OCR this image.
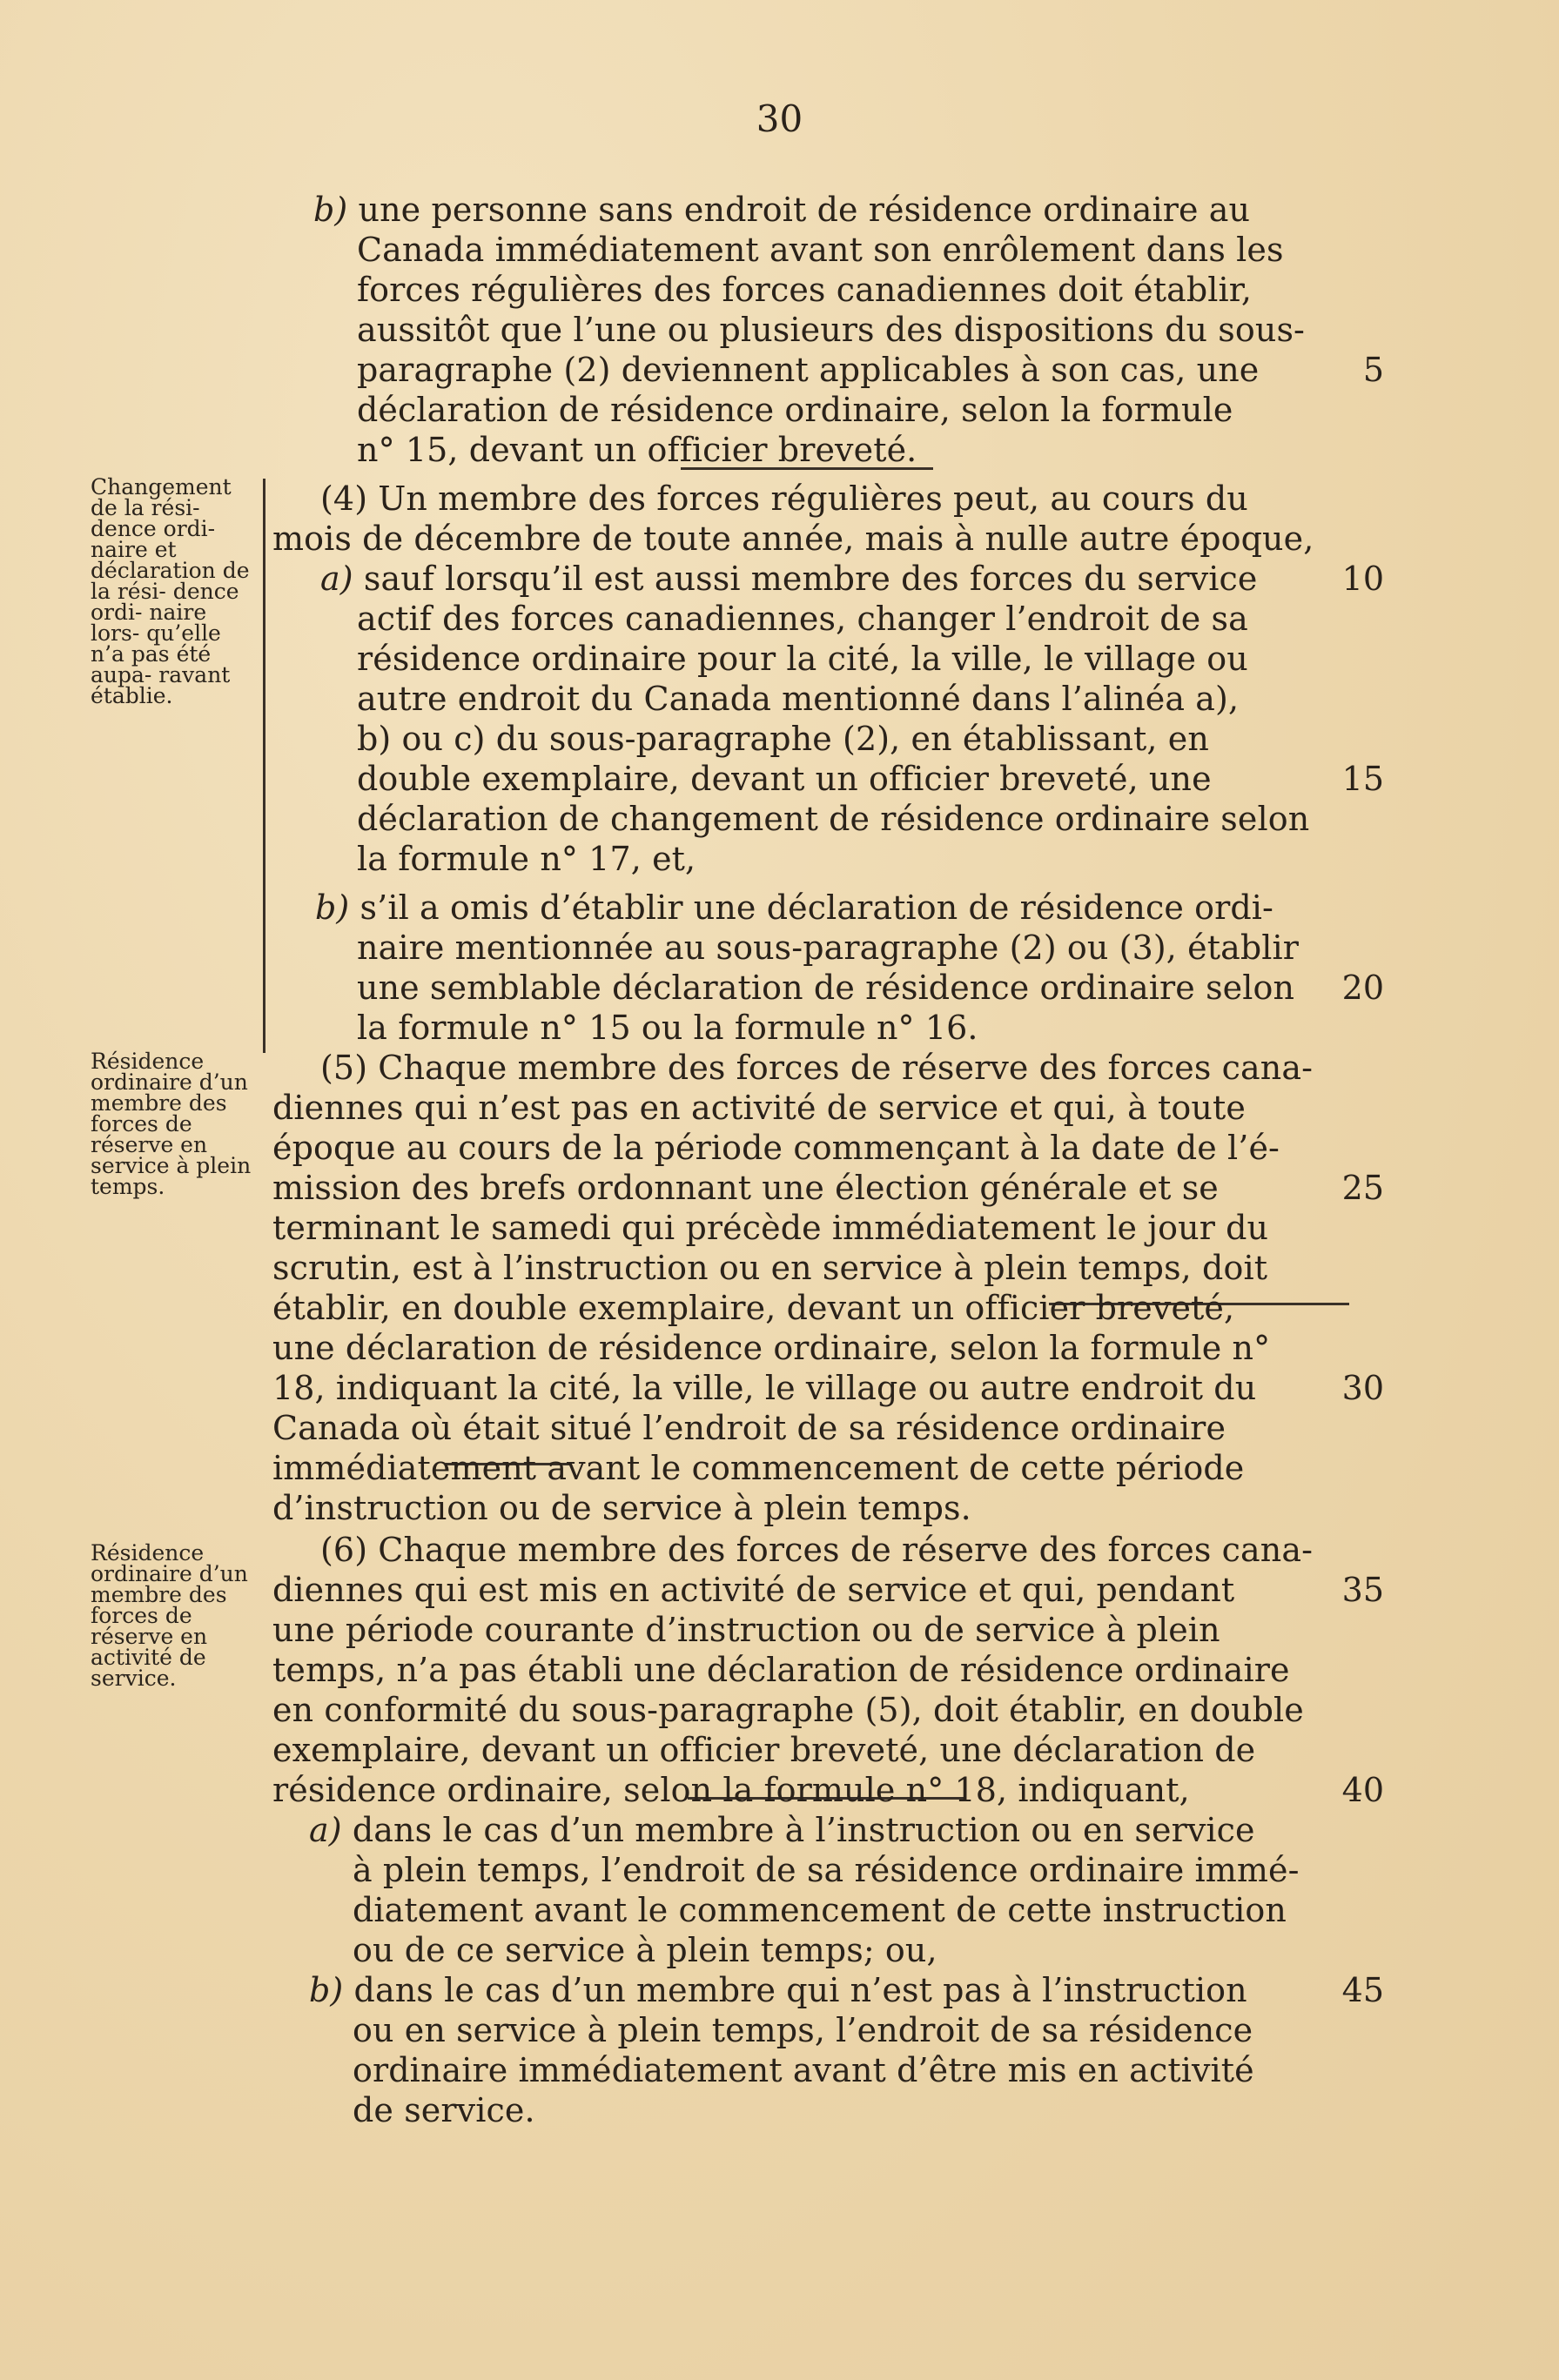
30
Changement de la rési- dence ordi- naire et déclaration de la rési- dence ordi- naire lors- qu’elle n’a pas été aupa- ravant établie.
Résidence ordinaire d’un membre des forces de réserve en service à plein temps.
Résidence ordinaire d’un membre des forces de réserve en activité de service.
b) une personne sans endroit de résidence ordinaire au
Canada immédiatement avant son enrôlement dans les
forces régulières des forces canadiennes doit établir,
aussitôt que l’une ou plusieurs des dispositions du sous-
paragraphe (2) deviennent applicables à son cas, une
déclaration de résidence ordinaire, selon la formule
n° 15, devant un officier breveté.
(4) Un membre des forces régulières peut, au cours du
mois de décembre de toute année, mais à nulle autre époque,
a) sauf lorsqu’il est aussi membre des forces du service
actif des forces canadiennes, changer l’endroit de sa
résidence ordinaire pour la cité, la ville, le village ou
autre endroit du Canada mentionné dans l’alinéa a),
b) ou c) du sous-paragraphe (2), en établissant, en
double exemplaire, devant un officier breveté, une
déclaration de changement de résidence ordinaire selon
la formule n° 17, et,
b) s’il a omis d’établir une déclaration de résidence ordi-
naire mentionnée au sous-paragraphe (2) ou (3), établir
une semblable déclaration de résidence ordinaire selon
la formule n° 15 ou la formule n° 16.
(5) Chaque membre des forces de réserve des forces cana-
diennes qui n’est pas en activité de service et qui, à toute
époque au cours de la période commençant à la date de l’é-
mission des brefs ordonnant une élection générale et se
terminant le samedi qui précède immédiatement le jour du
scrutin, est à l’instruction ou en service à plein temps, doit
établir, en double exemplaire, devant un officier breveté,
une déclaration de résidence ordinaire, selon la formule n°
18, indiquant la cité, la ville, le village ou autre endroit du
Canada où était situé l’endroit de sa résidence ordinaire
immédiatement avant le commencement de cette période
d’instruction ou de service à plein temps.
(6) Chaque membre des forces de réserve des forces cana-
diennes qui est mis en activité de service et qui, pendant
une période courante d’instruction ou de service à plein
temps, n’a pas établi une déclaration de résidence ordinaire
en conformité du sous-paragraphe (5), doit établir, en double
exemplaire, devant un officier breveté, une déclaration de
résidence ordinaire, selon la formule n° 18, indiquant,
a) dans le cas d’un membre à l’instruction ou en service
à plein temps, l’endroit de sa résidence ordinaire immé-
diatement avant le commencement de cette instruction
ou de ce service à plein temps; ou,
b) dans le cas d’un membre qui n’est pas à l’instruction
ou en service à plein temps, l’endroit de sa résidence
ordinaire immédiatement avant d’être mis en activité
de service.
5
10
15
20
25
30
35
40
45
